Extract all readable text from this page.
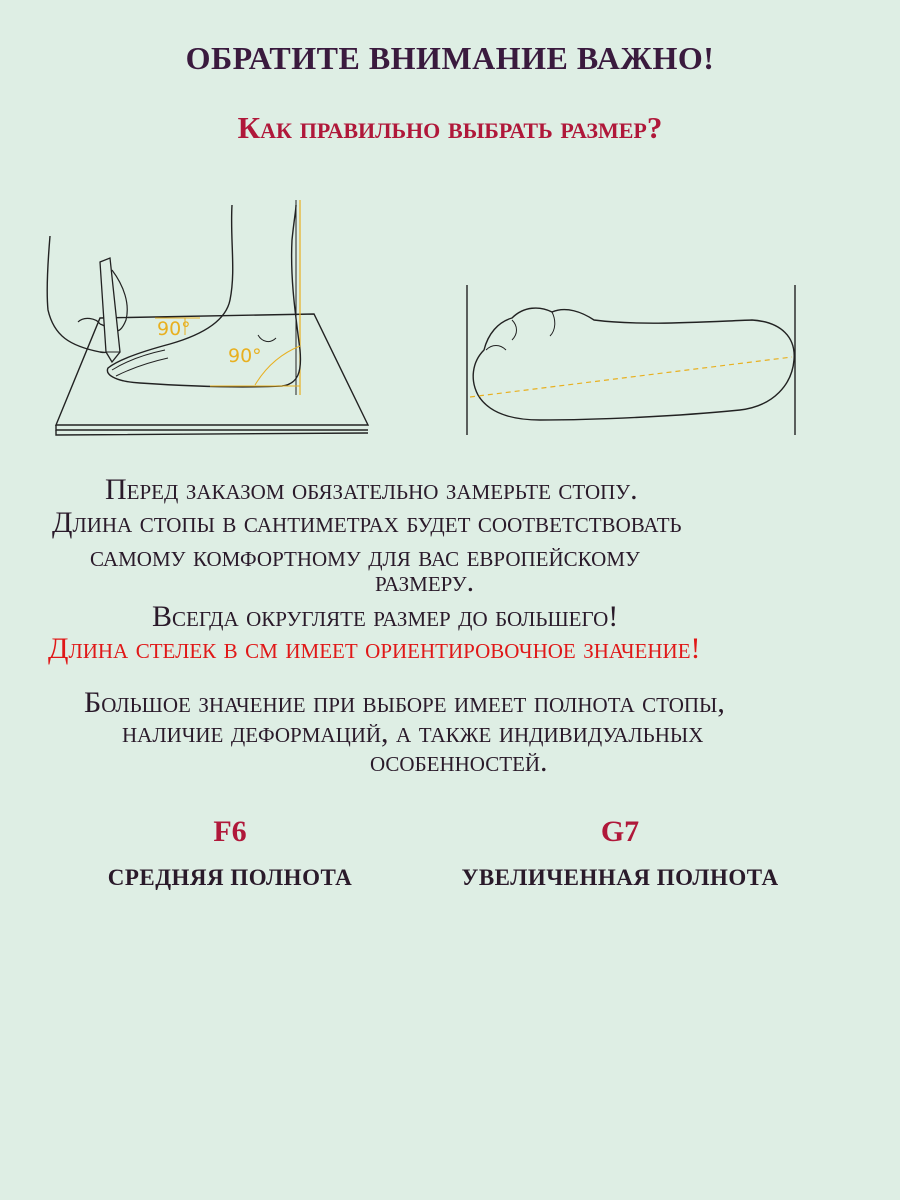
ОБРАТИТЕ ВНИМАНИЕ ВАЖНО!
Как правильно выбрать размер?
90°
90°
Перед заказом обязательно замерьте стопу.
Длина стопы в сантиметрах будет соответствовать
самому комфортному для вас европейскому
размеру.
Всегда округляте размер до большего!
Длина стелек в см имеет ориентировочное значение!
Большое значение при выборе имеет полнота стопы,
наличие деформаций, а также индивидуальных
особенностей.
F6
СРЕДНЯЯ ПОЛНОТА
G7
УВЕЛИЧЕННАЯ ПОЛНОТА
